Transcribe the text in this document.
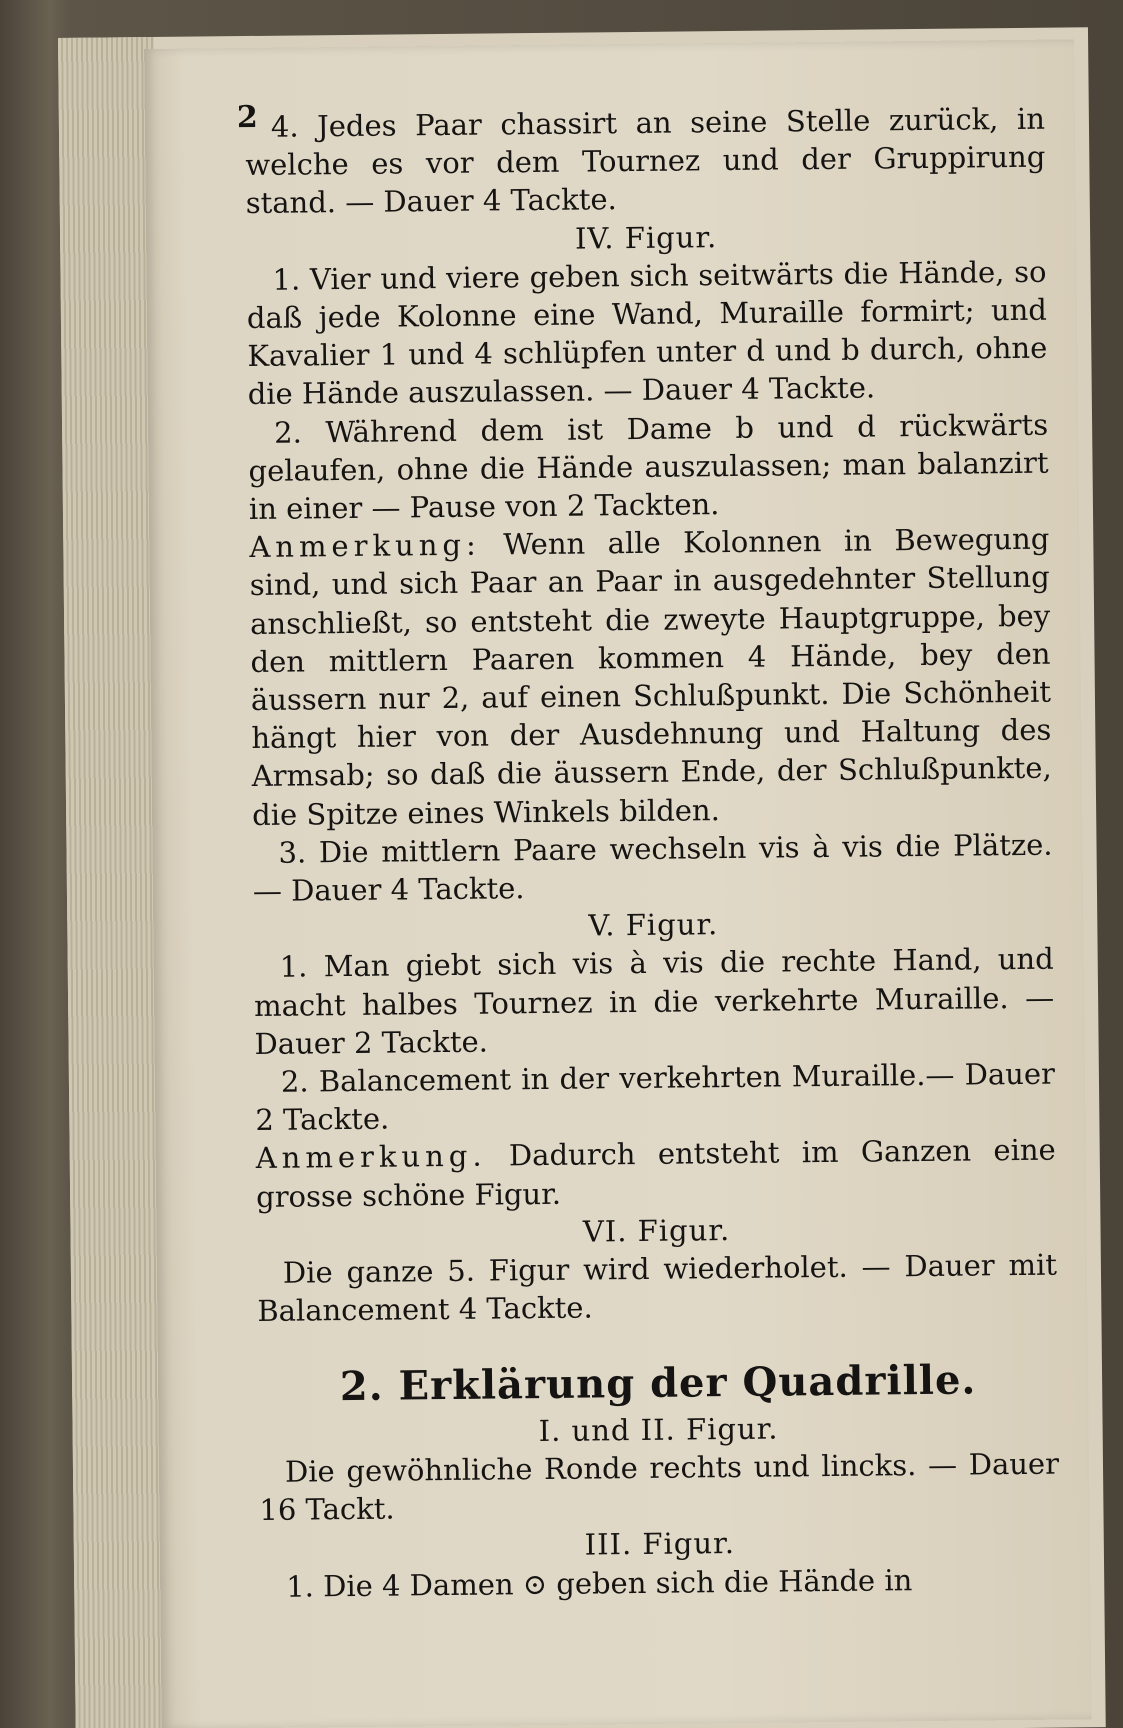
2 4. Jedes Paar chassirt an seine Stelle zurück, in welche es vor dem Tournez und der Gruppirung stand. — Dauer 4 Tackte.

IV. Figur.

1. Vier und viere geben sich seitwärts die Hände, so daß jede Kolonne eine Wand, Muraille formirt; und Kavalier 1 und 4 schlüpfen unter d und b durch, ohne die Hände auszulassen. — Dauer 4 Tackte.

2. Während dem ist Dame b und d rückwärts gelaufen, ohne die Hände auszulassen; man balanzirt in einer — Pause von 2 Tackten.

Anmerkung: Wenn alle Kolonnen in Bewegung sind, und sich Paar an Paar in ausgedehnter Stellung anschließt, so entsteht die zweyte Hauptgruppe, bey den mittlern Paaren kommen 4 Hände, bey den äussern nur 2, auf einen Schlußpunkt. Die Schönheit hängt hier von der Ausdehnung und Haltung des Armsab; so daß die äussern Ende, der Schlußpunkte, die Spitze eines Winkels bilden.

3. Die mittlern Paare wechseln vis à vis die Plätze. — Dauer 4 Tackte.

V. Figur.

1. Man giebt sich vis à vis die rechte Hand, und macht halbes Tournez in die verkehrte Muraille. — Dauer 2 Tackte.

2. Balancement in der verkehrten Muraille.— Dauer 2 Tackte.

Anmerkung. Dadurch entsteht im Ganzen eine grosse schöne Figur.

VI. Figur.

Die ganze 5. Figur wird wiederholet. — Dauer mit Balancement 4 Tackte.

2. Erklärung der Quadrille.

I. und II. Figur.

Die gewöhnliche Ronde rechts und lincks. — Dauer 16 Tackt.

III. Figur.

1. Die 4 Damen ⊙ geben sich die Hände in
